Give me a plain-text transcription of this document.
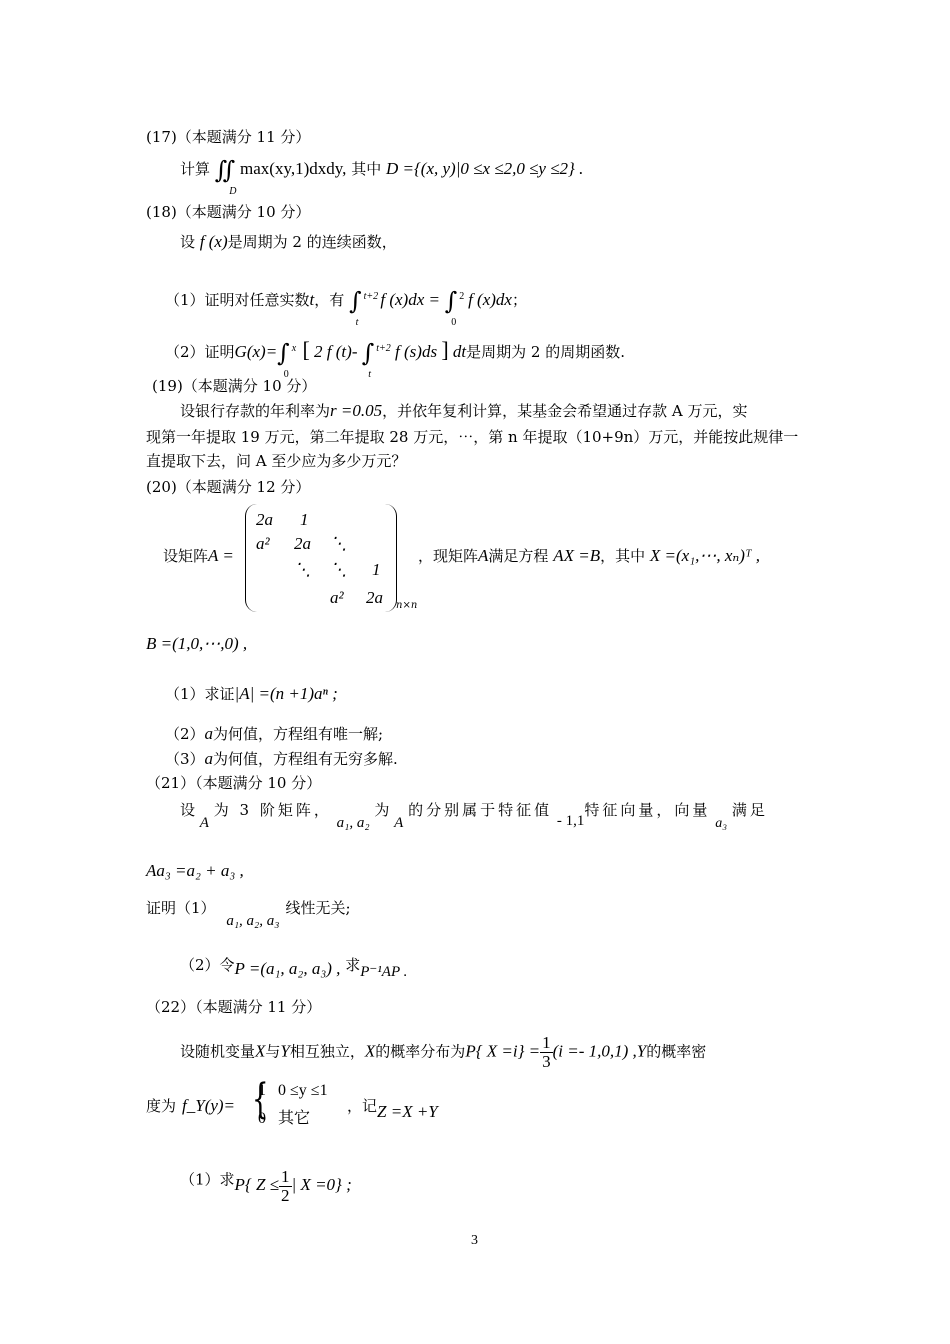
(17)（本题满分 11 分）
计算 ∬
D
max(xy,1)dxdy, 其中 D ={(x, y)|0 ≤x ≤2,0 ≤y ≤2} .
(18)（本题满分 10 分）
设 f (x)是周期为 2 的连续函数，
（1）证明对任意实数t，有 ∫ t+2
t
f (x)dx = ∫ 2
0
f (x)dx；
（2）证明G(x)=∫ x
0
[ 2 f (t)- ∫ t+2
t
f (s)ds ] dt是周期为 2 的周期函数.
(19)（本题满分 10 分）
设银行存款的年利率为r =0.05，并依年复利计算，某基金会希望通过存款 A 万元，实
现第一年提取 19 万元，第二年提取 28 万元，⋯，第 n 年提取（10+9n）万元，并能按此规律一
直提取下去，问 A 至少应为多少万元？
(20)（本题满分 12 分）
设矩阵A =
2a 1
a² 2a ⋱
⋱ ⋱ 1
a² 2a n×n
，现矩阵A满足方程 AX =B，其中 X =(x₁,⋯, xₙ)ᵀ ,
B =(1,0,⋯,0) ,
（1）求证|A| =(n +1)aⁿ ;
（2）a为何值，方程组有唯一解;
（3）a为何值，方程组有无穷多解.
（21）（本题满分 10 分）
设 A 为 3 阶矩阵， a₁, a₂ 为 A 的分别属于特征值 - 1,1特征向量，向量 a₃ 满足
Aa₃ =a₂ + a₃ ,
证明（1） a₁, a₂, a₃线性无关;
（2）令P =(a₁, a₂, a₃) , 求P⁻¹AP .
（22）（本题满分 11 分）
设随机变量X与Y相互独立，X的概率分布为P{ $X =i\} = \frac{1}{3} (i =- 1,0,1)$ ,Y的概率密
度为 f_Y(y)= {
1   0 ≤y ≤1
0   其它
，记Z =X +Y
（1）求P{ $Z \le \frac{1}{2}$ | X =0} ;
3
